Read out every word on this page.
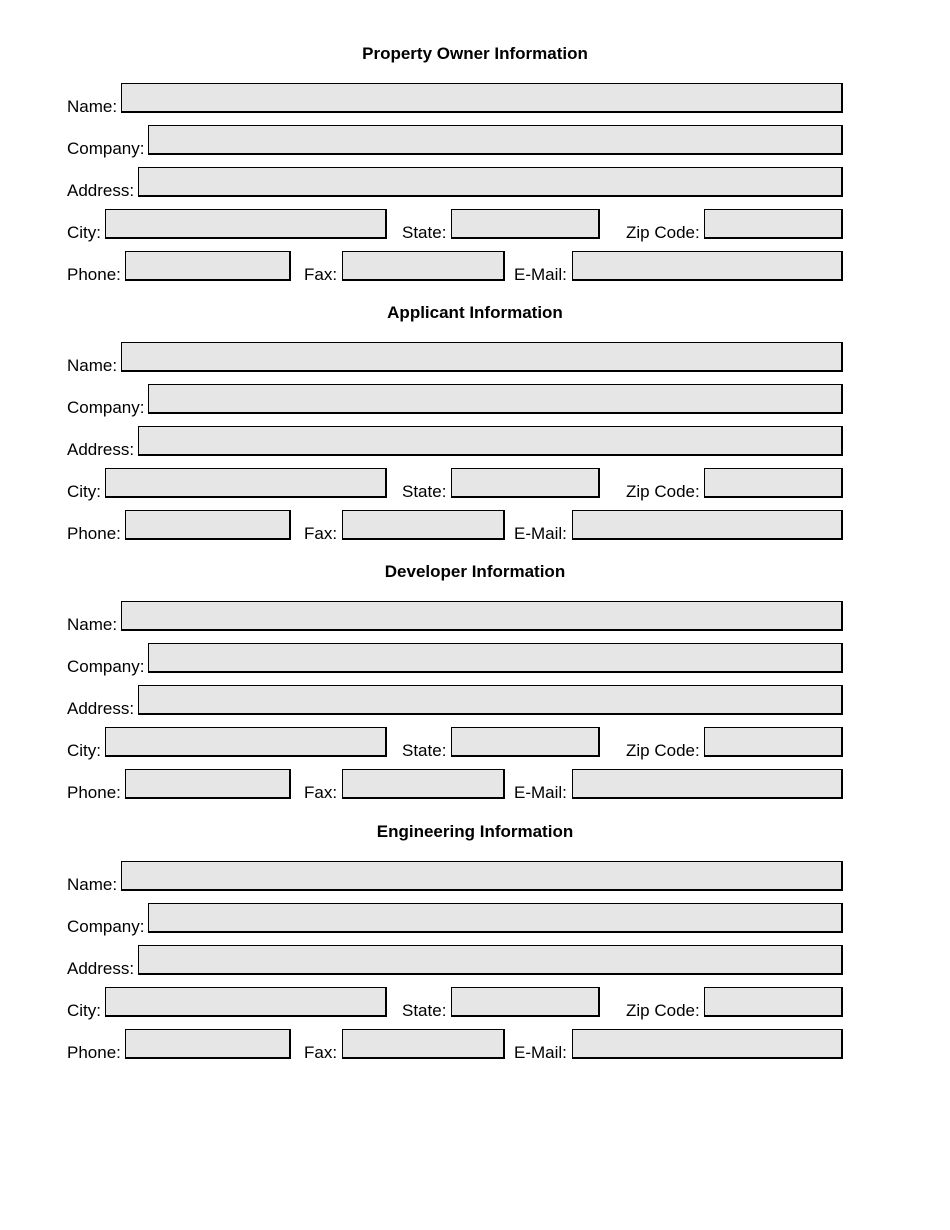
Property Owner Information
Name:
Company:
Address:
City:	State:	Zip Code:
Phone:	Fax:	E-Mail:
Applicant Information
Name:
Company:
Address:
City:	State:	Zip Code:
Phone:	Fax:	E-Mail:
Developer Information
Name:
Company:
Address:
City:	State:	Zip Code:
Phone:	Fax:	E-Mail:
Engineering Information
Name:
Company:
Address:
City:	State:	Zip Code:
Phone:	Fax:	E-Mail:
